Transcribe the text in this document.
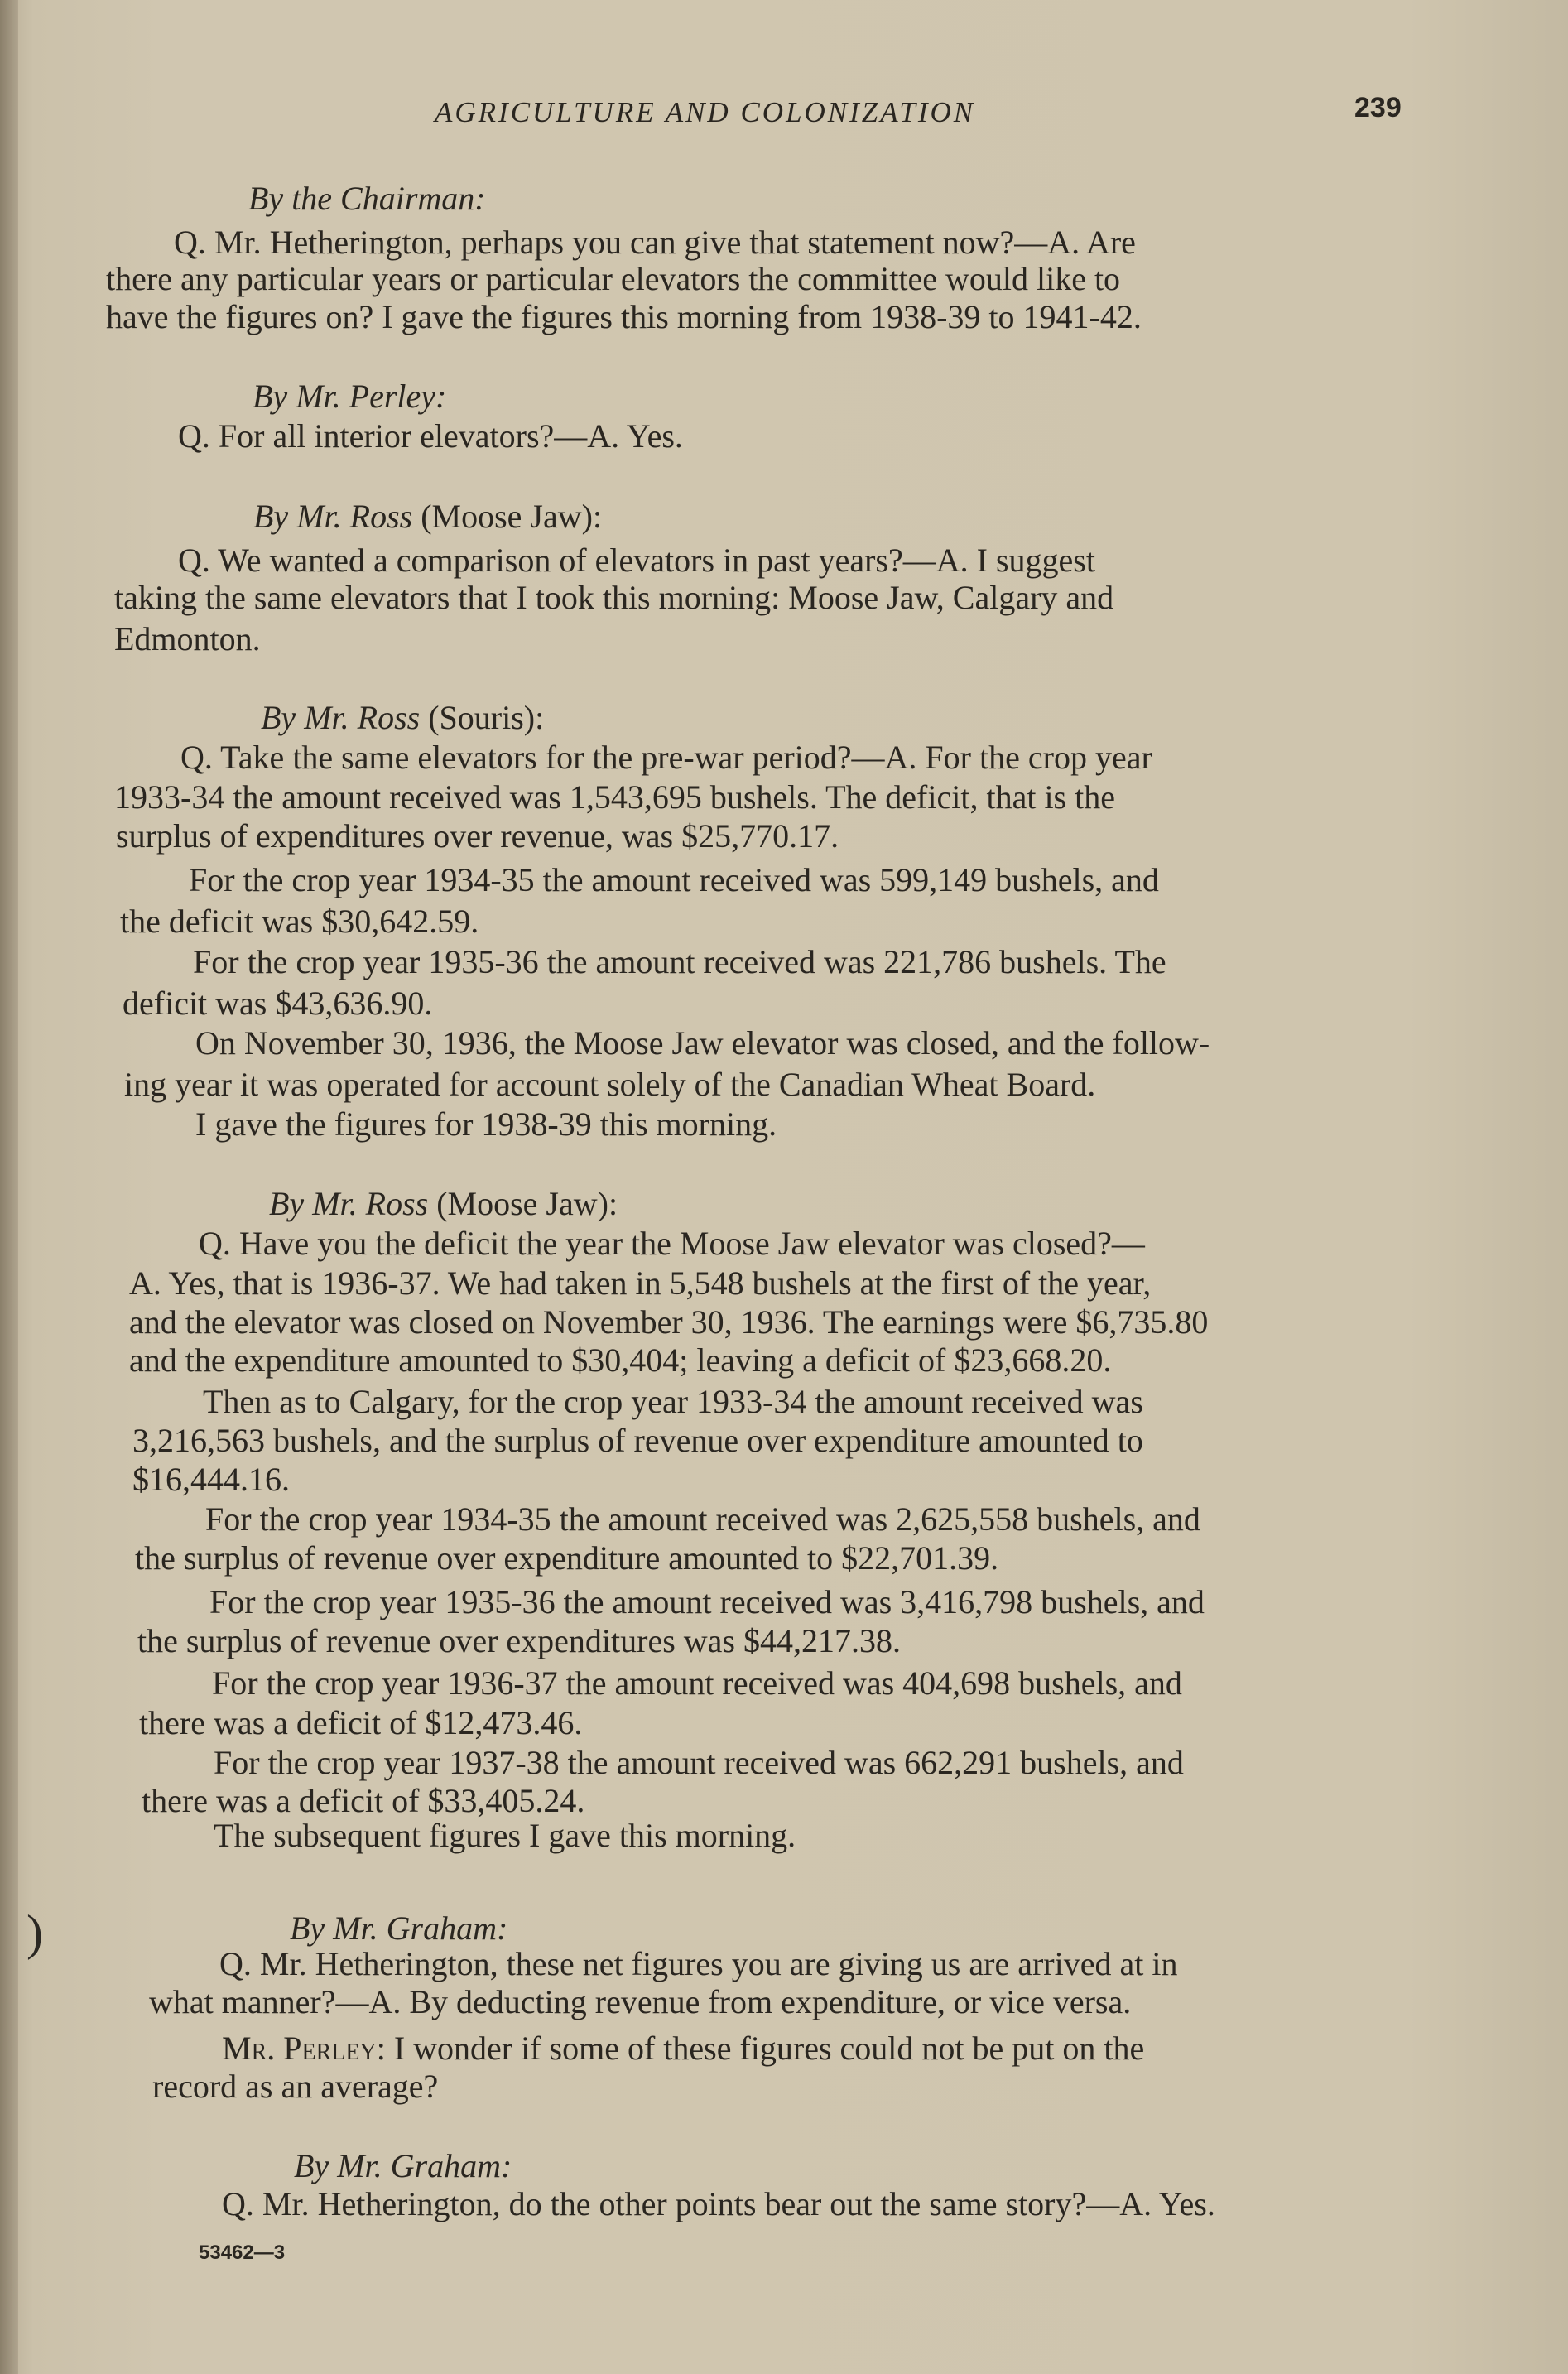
AGRICULTURE AND COLONIZATION	239
By the Chairman:
Q. Mr. Hetherington, perhaps you can give that statement now?—A. Are
there any particular years or particular elevators the committee would like to
have the figures on? I gave the figures this morning from 1938-39 to 1941-42.
By Mr. Perley:
Q. For all interior elevators?—A. Yes.
By Mr. Ross (Moose Jaw):
Q. We wanted a comparison of elevators in past years?—A. I suggest
taking the same elevators that I took this morning: Moose Jaw, Calgary and
Edmonton.
By Mr. Ross (Souris):
Q. Take the same elevators for the pre-war period?—A. For the crop year
1933-34 the amount received was 1,543,695 bushels. The deficit, that is the
surplus of expenditures over revenue, was $25,770.17.
For the crop year 1934-35 the amount received was 599,149 bushels, and
the deficit was $30,642.59.
For the crop year 1935-36 the amount received was 221,786 bushels. The
deficit was $43,636.90.
On November 30, 1936, the Moose Jaw elevator was closed, and the follow-
ing year it was operated for account solely of the Canadian Wheat Board.
I gave the figures for 1938-39 this morning.
By Mr. Ross (Moose Jaw):
Q. Have you the deficit the year the Moose Jaw elevator was closed?—
A. Yes, that is 1936-37. We had taken in 5,548 bushels at the first of the year,
and the elevator was closed on November 30, 1936. The earnings were $6,735.80
and the expenditure amounted to $30,404; leaving a deficit of $23,668.20.
Then as to Calgary, for the crop year 1933-34 the amount received was
3,216,563 bushels, and the surplus of revenue over expenditure amounted to
$16,444.16.
For the crop year 1934-35 the amount received was 2,625,558 bushels, and
the surplus of revenue over expenditure amounted to $22,701.39.
For the crop year 1935-36 the amount received was 3,416,798 bushels, and
the surplus of revenue over expenditures was $44,217.38.
For the crop year 1936-37 the amount received was 404,698 bushels, and
there was a deficit of $12,473.46.
For the crop year 1937-38 the amount received was 662,291 bushels, and
there was a deficit of $33,405.24.
The subsequent figures I gave this morning.
By Mr. Graham:
Q. Mr. Hetherington, these net figures you are giving us are arrived at in
what manner?—A. By deducting revenue from expenditure, or vice versa.
Mr. Perley: I wonder if some of these figures could not be put on the
record as an average?
By Mr. Graham:
Q. Mr. Hetherington, do the other points bear out the same story?—A. Yes.
53462—3
)
